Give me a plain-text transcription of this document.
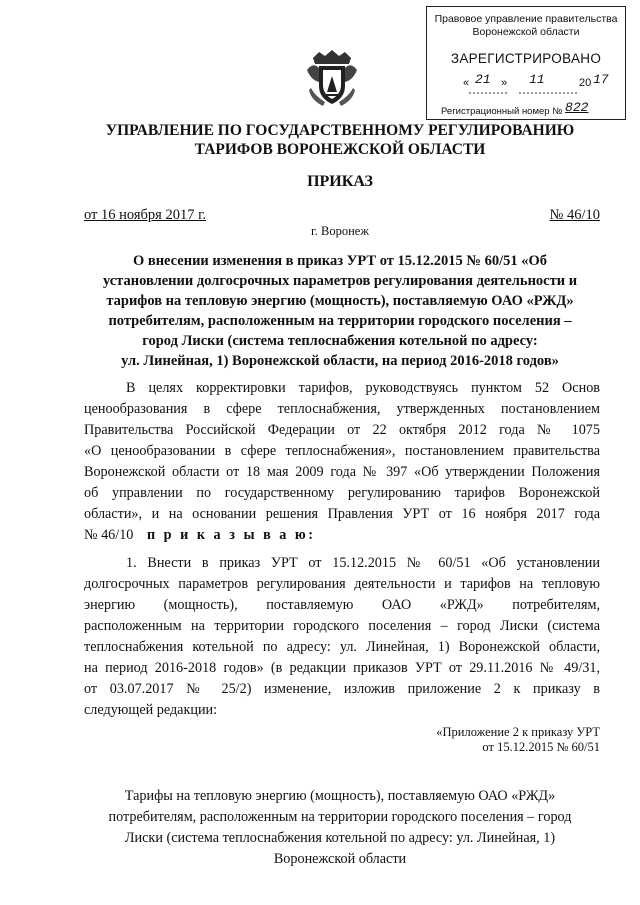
Правовое управление правительства
Воронежской области
ЗАРЕГИСТРИРОВАНО
« 21 » 11	20 17
Регистрационный номер № 822
УПРАВЛЕНИЕ ПО ГОСУДАРСТВЕННОМУ РЕГУЛИРОВАНИЮ
ТАРИФОВ ВОРОНЕЖСКОЙ ОБЛАСТИ
ПРИКАЗ
от 16 ноября 2017 г.	№ 46/10
г. Воронеж
О внесении изменения в приказ УРТ от 15.12.2015 № 60/51 «Об
установлении долгосрочных параметров регулирования деятельности и
тарифов на тепловую энергию (мощность), поставляемую ОАО «РЖД»
потребителям, расположенным на территории городского поселения –
город Лиски (система теплоснабжения котельной по адресу:
ул. Линейная, 1) Воронежской области, на период 2016-2018 годов»
В целях корректировки тарифов, руководствуясь пунктом 52 Основ
ценообразования в сфере теплоснабжения, утвержденных постановлением
Правительства Российской Федерации от 22 октября 2012 года № 1075
«О ценообразовании в сфере теплоснабжения», постановлением правительства
Воронежской области от 18 мая 2009 года № 397 «Об утверждении Положения
об управлении по государственному регулированию тарифов Воронежской
области», и на основании решения Правления УРТ от 16 ноября 2017 года
№ 46/10 п р и к а з ы в а ю:
1. Внести в приказ УРТ от 15.12.2015 № 60/51 «Об установлении
долгосрочных параметров регулирования деятельности и тарифов на тепловую
энергию (мощность), поставляемую ОАО «РЖД» потребителям,
расположенным на территории городского поселения – город Лиски (система
теплоснабжения котельной по адресу: ул. Линейная, 1) Воронежской области,
на период 2016-2018 годов» (в редакции приказов УРТ от 29.11.2016 № 49/31,
от 03.07.2017 № 25/2) изменение, изложив приложение 2 к приказу в
следующей редакции:
«Приложение 2 к приказу УРТ
от 15.12.2015 № 60/51
Тарифы на тепловую энергию (мощность), поставляемую ОАО «РЖД»
потребителям, расположенным на территории городского поселения – город
Лиски (система теплоснабжения котельной по адресу: ул. Линейная, 1)
Воронежской области
